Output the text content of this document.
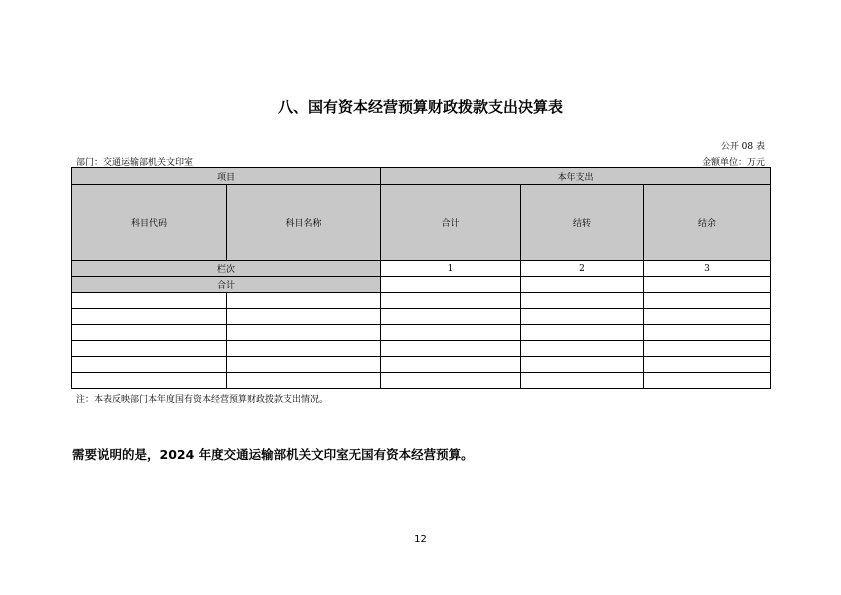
八、国有资本经营预算财政拨款支出决算表
公开 08 表
部门：交通运输部机关文印室	金额单位：万元
项目		本年支出		
科目代码	科目名称	合计	结转	结余
栏次		1	2	3
合计				

注：本表反映部门本年度国有资本经营预算财政拨款支出情况。
需要说明的是，2024 年度交通运输部机关文印室无国有资本经营预算。
12
